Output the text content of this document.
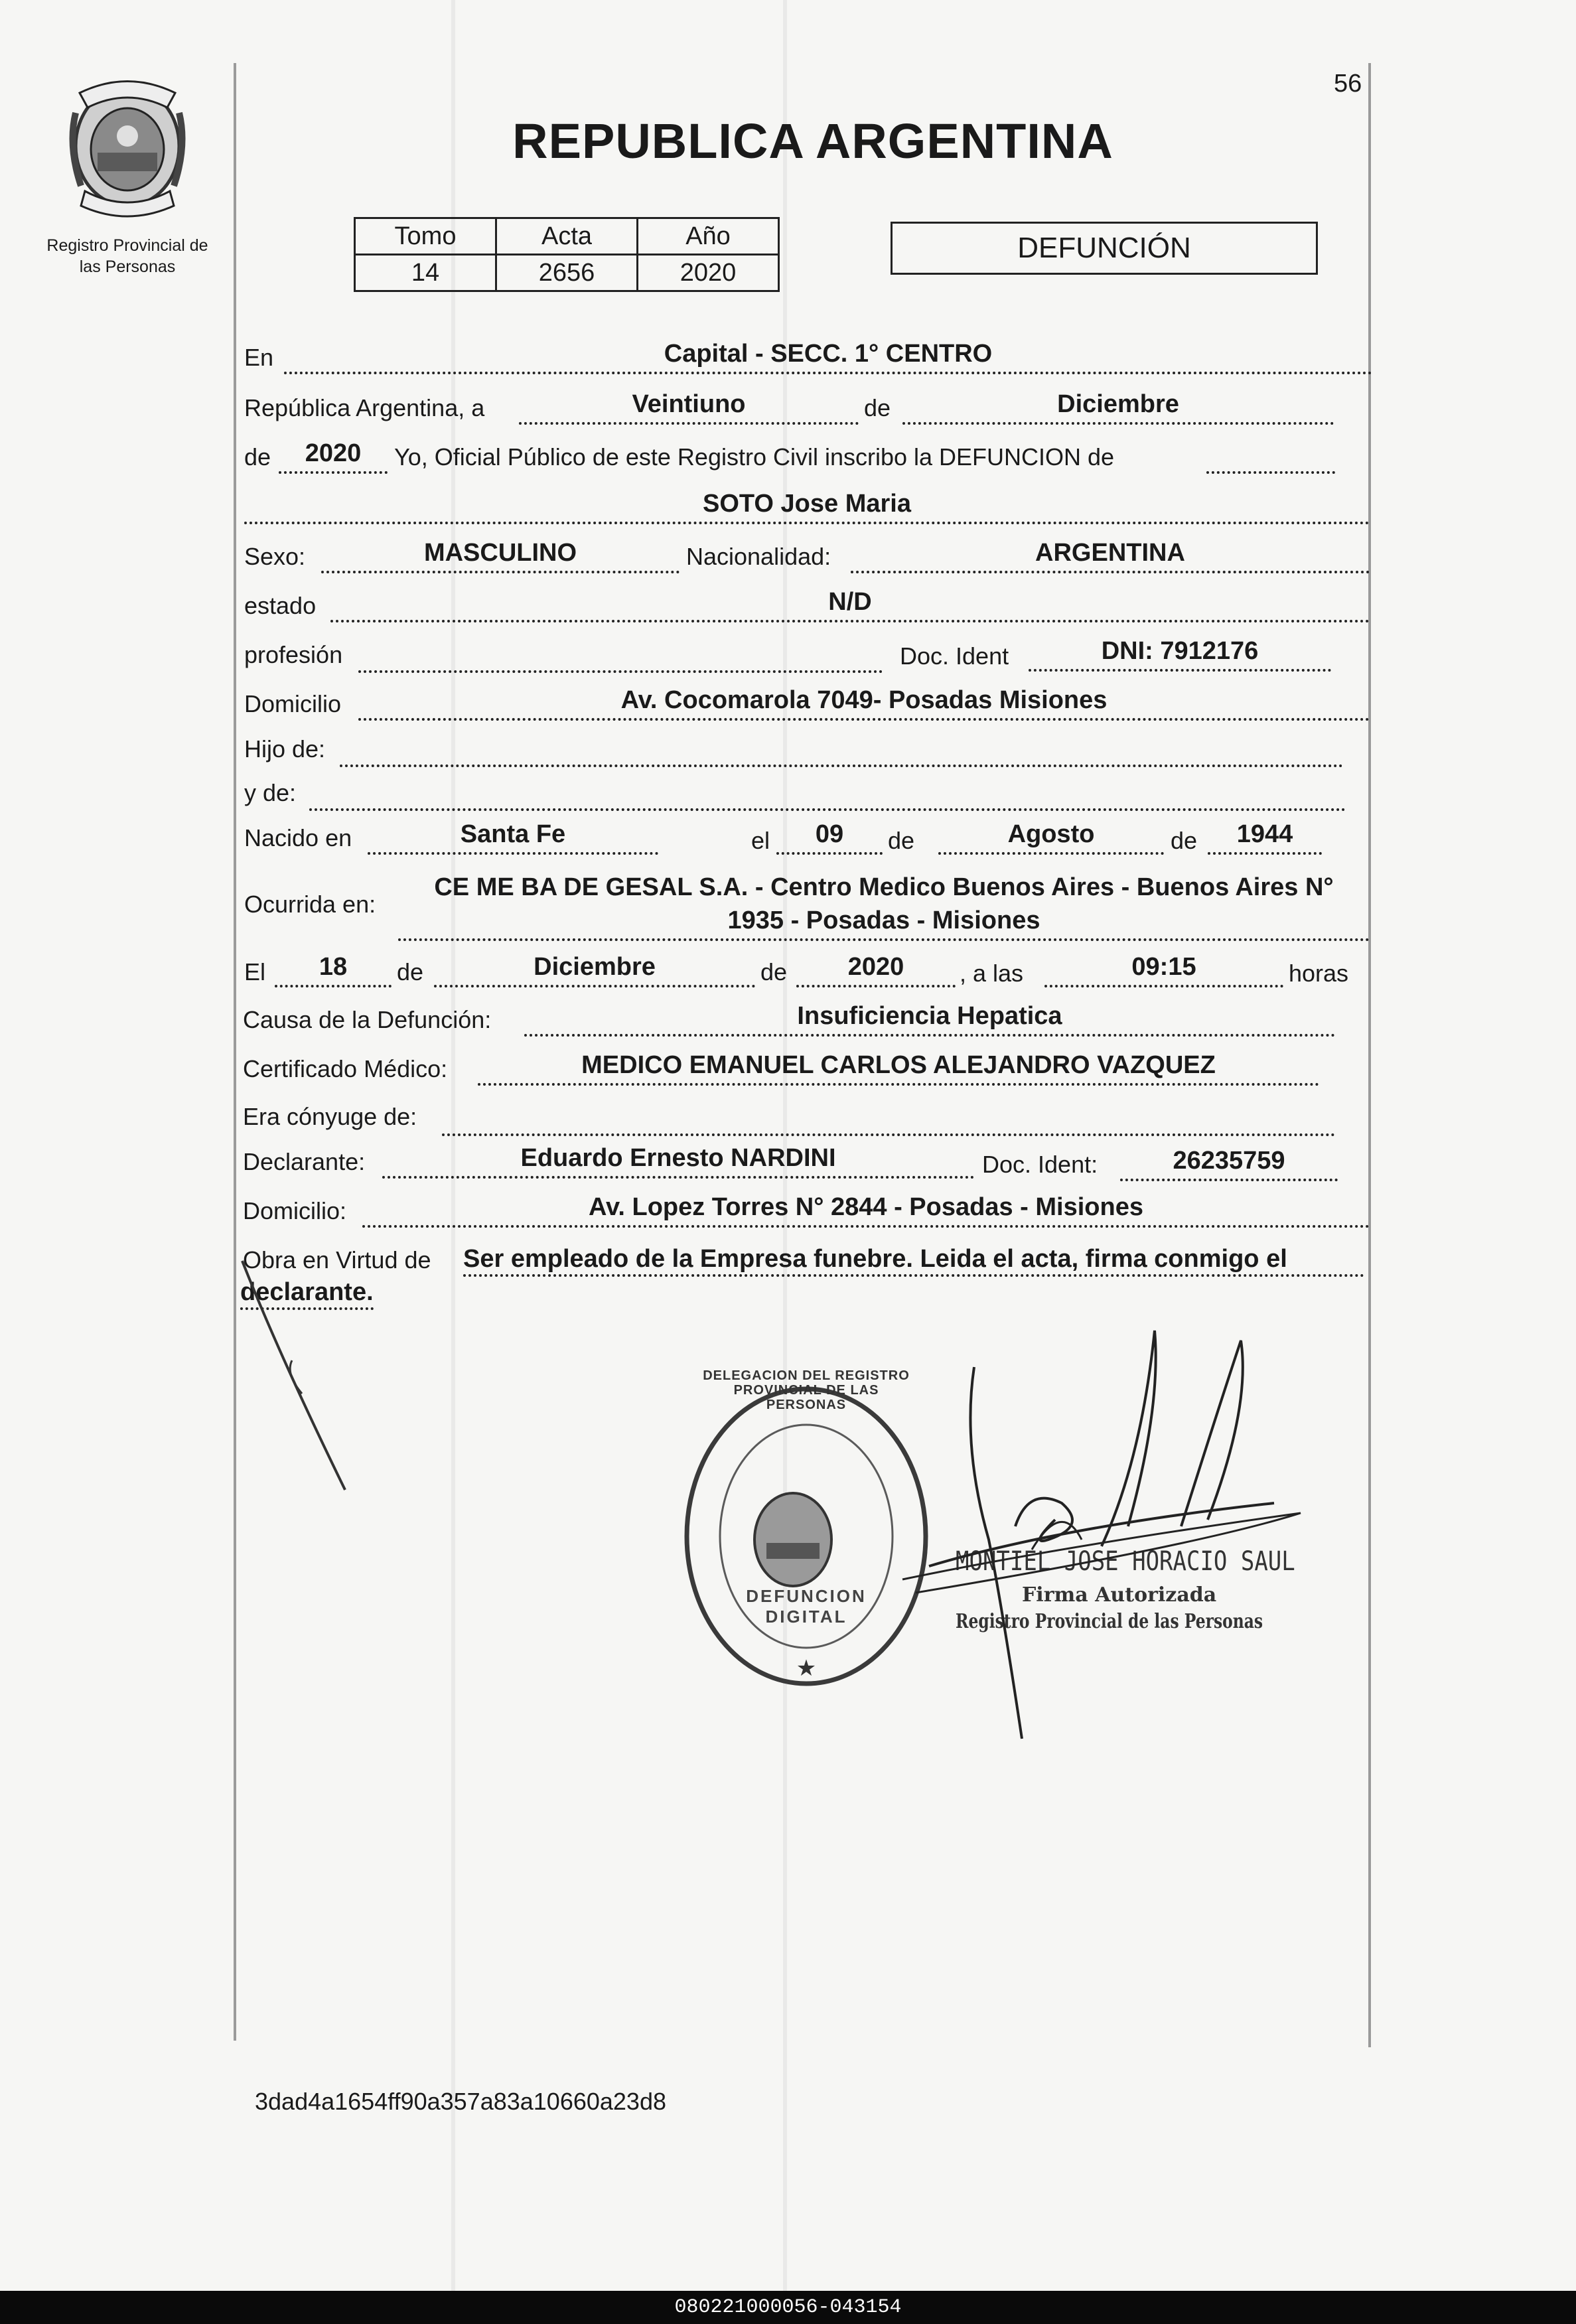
56
Registro Provincial de
las Personas
REPUBLICA ARGENTINA
Tomo	Acta	Año
14	2656	2020
DEFUNCIÓN
En	Capital - SECC. 1° CENTRO
República Argentina, a	Veintiuno	de	Diciembre
de	2020	Yo, Oficial Público de este Registro Civil inscribo la DEFUNCION de
SOTO Jose Maria
Sexo:	MASCULINO	Nacionalidad:	ARGENTINA
estado	N/D
profesión	Doc. Ident	DNI: 7912176
Domicilio	Av. Cocomarola 7049- Posadas Misiones
Hijo de:
y de:
Nacido en	Santa Fe	el	09	de	Agosto	de	1944
Ocurrida en:
CE ME BA DE GESAL S.A. - Centro Medico Buenos Aires - Buenos Aires N°
1935 - Posadas - Misiones
El	18	de	Diciembre	de	2020	, a las	09:15	horas
Causa de la Defunción:	Insuficiencia Hepatica
Certificado Médico:	MEDICO EMANUEL CARLOS ALEJANDRO VAZQUEZ
Era cónyuge de:
Declarante:	Eduardo Ernesto NARDINI	Doc. Ident:	26235759
Domicilio:	Av. Lopez Torres N° 2844 - Posadas - Misiones
Obra en Virtud de Ser empleado de la Empresa funebre. Leida el acta, firma conmigo el
declarante.
★
DELEGACION DEL REGISTRO PROVINCIAL DE LAS PERSONAS
DEFUNCION DIGITAL
MONTIEL JOSE HORACIO SAUL
Firma Autorizada
Registro Provincial de las Personas
3dad4a1654ff90a357a83a10660a23d8
080221000056-043154
